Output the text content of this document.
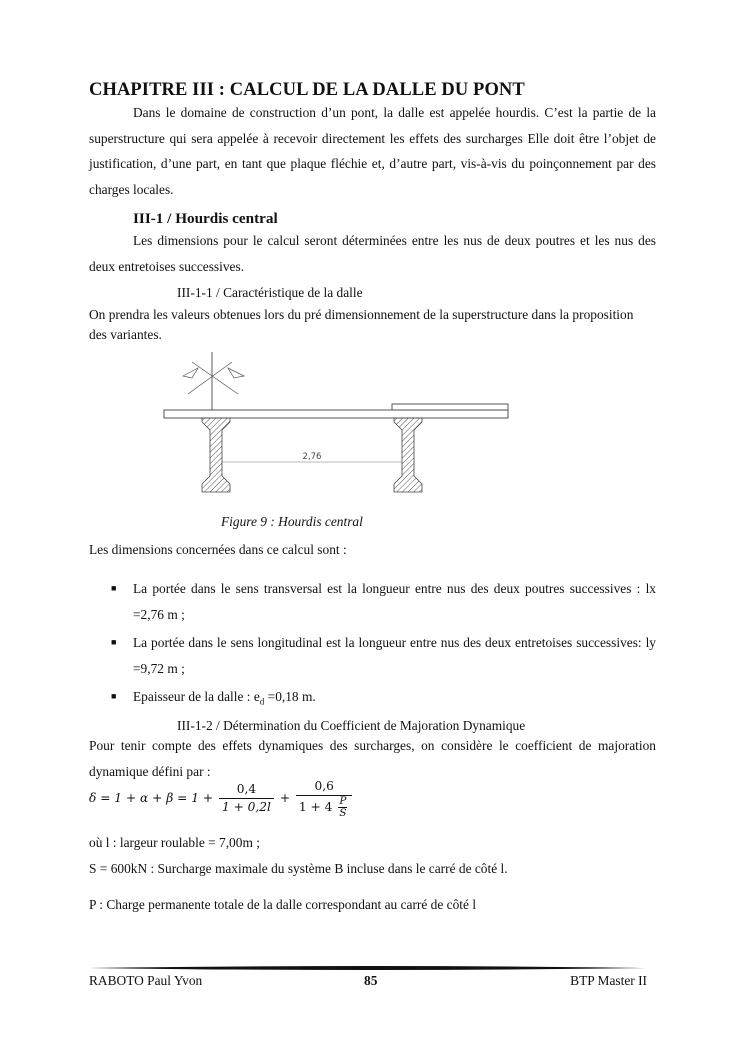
CHAPITRE III : CALCUL DE LA DALLE DU PONT
Dans le domaine de construction d’un pont, la dalle est appelée hourdis. C’est la partie de la superstructure qui sera appelée à recevoir directement les effets des surcharges Elle doit être l’objet de justification, d’une part, en tant que plaque fléchie et, d’autre part, vis-à-vis du poinçonnement par des charges locales.
III-1 / Hourdis central
Les dimensions pour le calcul seront déterminées entre les nus de deux poutres et les nus des deux entretoises successives.
III-1-1 / Caractéristique de la dalle
On prendra les valeurs obtenues lors du pré dimensionnement de la superstructure dans la proposition des variantes.
2,76
Figure 9 : Hourdis central
Les dimensions concernées dans ce calcul sont :
■ La portée dans le sens transversal est la longueur entre nus des deux poutres successives : lx =2,76 m ;
■ La portée dans le sens longitudinal est la longueur entre nus des deux entretoises successives: ly =9,72 m ;
■ Epaisseur de la dalle : $e_d =0,18$ m.
III-1-2 / Détermination du Coefficient de Majoration Dynamique
Pour tenir compte des effets dynamiques des surcharges, on considère le coefficient de majoration dynamique défini par :
$\delta = 1 + \alpha + \beta = 1 + \frac{0,4}{1 + 0,2l} + \frac{0,6}{1 + 4 \frac{P}{S}}$
où l : largeur roulable = 7,00m ;
S = 600kN : Surcharge maximale du système B incluse dans le carré de côté l.
P : Charge permanente totale de la dalle correspondant au carré de côté l
RABOTO Paul Yvon	85	BTP Master II
